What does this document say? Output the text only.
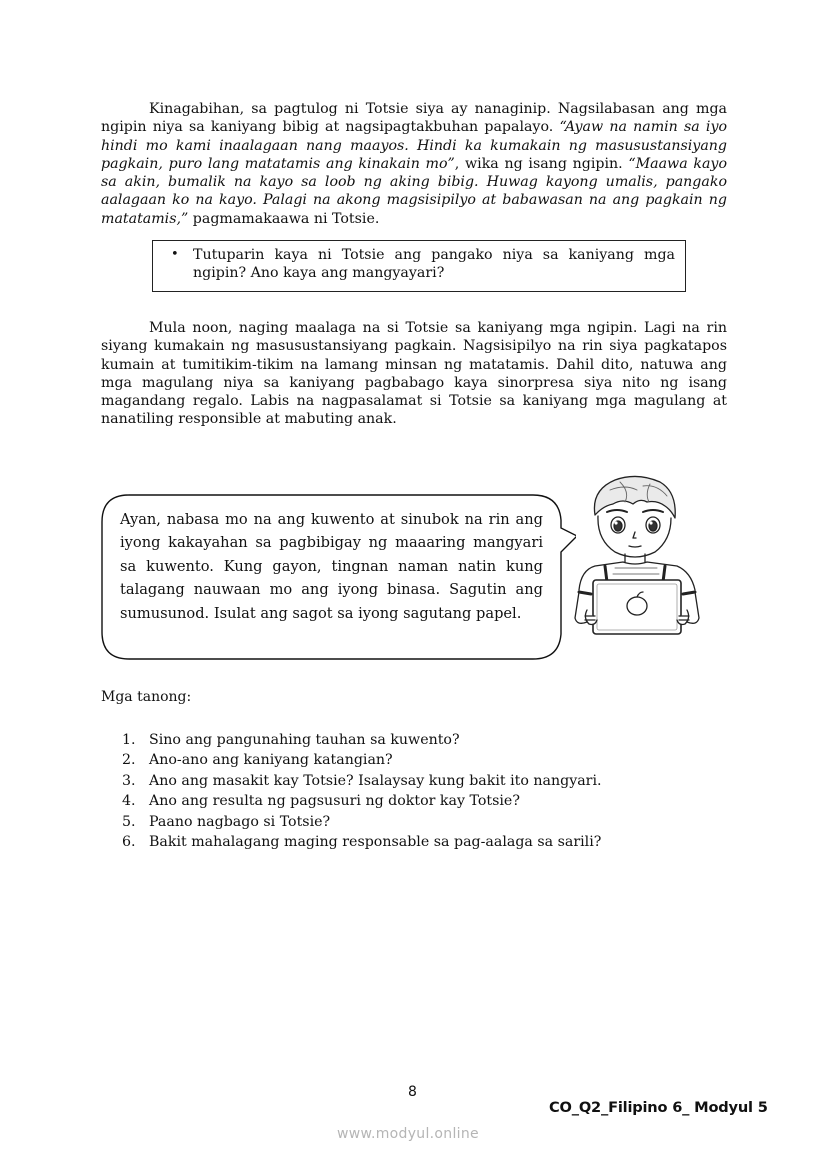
Kinagabihan, sa pagtulog ni Totsie siya ay nanaginip. Nagsilabasan ang mga ngipin niya sa kaniyang bibig at nagsipagtakbuhan papalayo. “Ayaw na namin sa iyo hindi mo kami inaalagaan nang maayos. Hindi ka kumakain ng masusustansiyang pagkain, puro lang matatamis ang kinakain mo”, wika ng isang ngipin. “Maawa kayo sa akin, bumalik na kayo sa loob ng aking bibig. Huwag kayong umalis, pangako aalagaan ko na kayo. Palagi na akong magsisipilyo at babawasan na ang pagkain ng matatamis,” pagmamakaawa ni Totsie.

•	Tutuparin kaya ni Totsie ang pangako niya sa kaniyang mga ngipin? Ano kaya ang mangyayari?

Mula noon, naging maalaga na si Totsie sa kaniyang mga ngipin. Lagi na rin siyang kumakain ng masusustansiyang pagkain. Nagsisipilyo na rin siya pagkatapos kumain at tumitikim-tikim na lamang minsan ng matatamis. Dahil dito, natuwa ang mga magulang niya sa kaniyang pagbabago kaya sinorpresa siya nito ng isang magandang regalo. Labis na nagpasalamat si Totsie sa kaniyang mga magulang at nanatiling responsible at mabuting anak.

Ayan, nabasa mo na ang kuwento at sinubok na rin ang iyong kakayahan sa pagbibigay ng maaaring mangyari sa kuwento. Kung gayon, tingnan naman natin kung talagang nauwaan mo ang iyong binasa. Sagutin ang sumusunod. Isulat ang sagot sa iyong sagutang papel.

Mga tanong:
1. Sino ang pangunahing tauhan sa kuwento?
2. Ano-ano ang kaniyang katangian?
3. Ano ang masakit kay Totsie? Isalaysay kung bakit ito nangyari.
4. Ano ang resulta ng pagsusuri ng doktor kay Totsie?
5. Paano nagbago si Totsie?
6. Bakit mahalagang maging responsable sa pag-aalaga sa sarili?
8
CO_Q2_Filipino 6_ Modyul 5
www.modyul.online
